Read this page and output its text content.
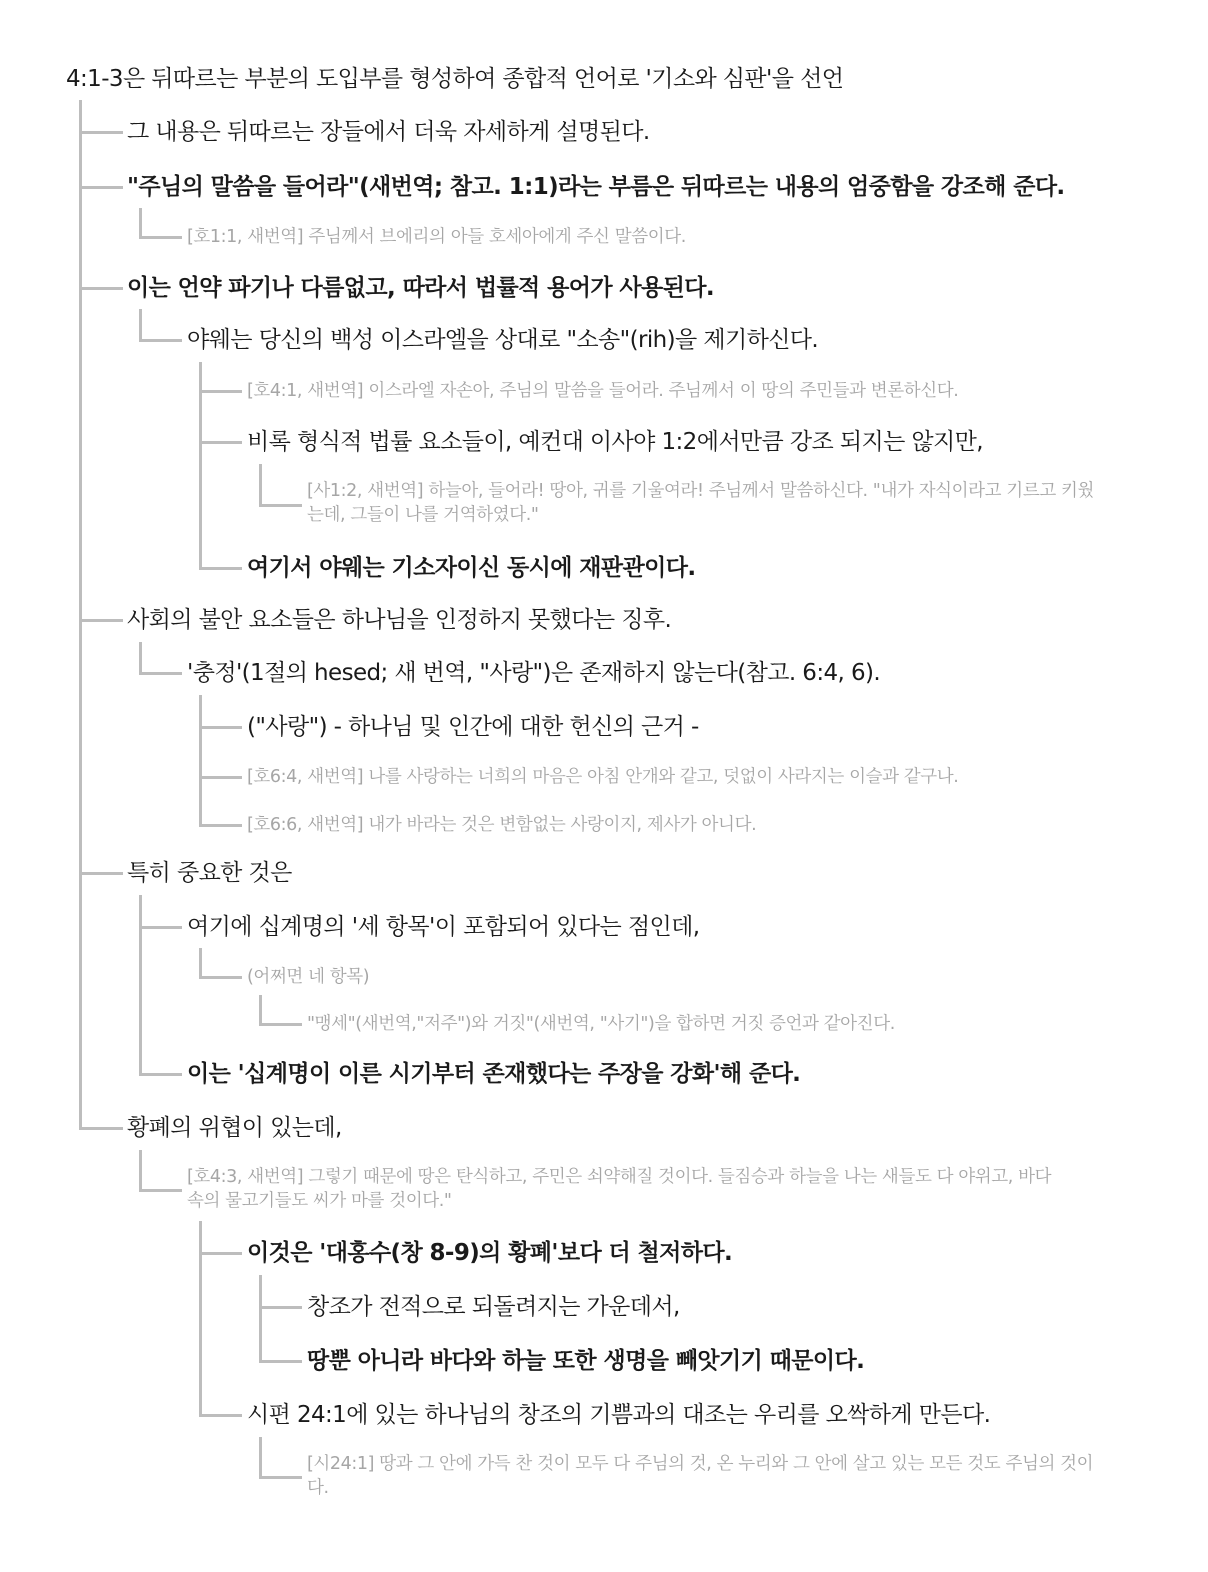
4:1-3은 뒤따르는 부분의 도입부를 형성하여 종합적 언어로 '기소와 심판'을 선언
그 내용은 뒤따르는 장들에서 더욱 자세하게 설명된다.
"주님의 말씀을 들어라"(새번역; 참고. 1:1)라는 부름은 뒤따르는 내용의 엄중함을 강조해 준다.
[호1:1, 새번역] 주님께서 브에리의 아들 호세아에게 주신 말씀이다.
이는 언약 파기나 다름없고, 따라서 법률적 용어가 사용된다.
야웨는 당신의 백성 이스라엘을 상대로 "소송"(rih)을 제기하신다.
[호4:1, 새번역] 이스라엘 자손아, 주님의 말씀을 들어라. 주님께서 이 땅의 주민들과 변론하신다.
비록 형식적 법률 요소들이, 예컨대 이사야 1:2에서만큼 강조 되지는 않지만,
[사1:2, 새번역] 하늘아, 들어라! 땅아, 귀를 기울여라! 주님께서 말씀하신다. "내가 자식이라고 기르고 키웠는데, 그들이 나를 거역하였다."
여기서 야웨는 기소자이신 동시에 재판관이다.
사회의 불안 요소들은 하나님을 인정하지 못했다는 징후.
'충정'(1절의 hesed; 새 번역, "사랑")은 존재하지 않는다(참고. 6:4, 6).
("사랑") - 하나님 및 인간에 대한 헌신의 근거 -
[호6:4, 새번역] 나를 사랑하는 너희의 마음은 아침 안개와 같고, 덧없이 사라지는 이슬과 같구나.
[호6:6, 새번역] 내가 바라는 것은 변함없는 사랑이지, 제사가 아니다.
특히 중요한 것은
여기에 십계명의 '세 항목'이 포함되어 있다는 점인데,
(어쩌면 네 항목)
"맹세"(새번역,"저주")와 거짓"(새번역, "사기")을 합하면 거짓 증언과 같아진다.
이는 '십계명이 이른 시기부터 존재했다는 주장을 강화'해 준다.
황폐의 위협이 있는데,
[호4:3, 새번역] 그렇기 때문에 땅은 탄식하고, 주민은 쇠약해질 것이다. 들짐승과 하늘을 나는 새들도 다 야위고, 바다 속의 물고기들도 씨가 마를 것이다."
이것은 '대홍수(창 8-9)의 황폐'보다 더 철저하다.
창조가 전적으로 되돌려지는 가운데서,
땅뿐 아니라 바다와 하늘 또한 생명을 빼앗기기 때문이다.
시편 24:1에 있는 하나님의 창조의 기쁨과의 대조는 우리를 오싹하게 만든다.
[시24:1] 땅과 그 안에 가득 찬 것이 모두 다 주님의 것, 온 누리와 그 안에 살고 있는 모든 것도 주님의 것이다.
